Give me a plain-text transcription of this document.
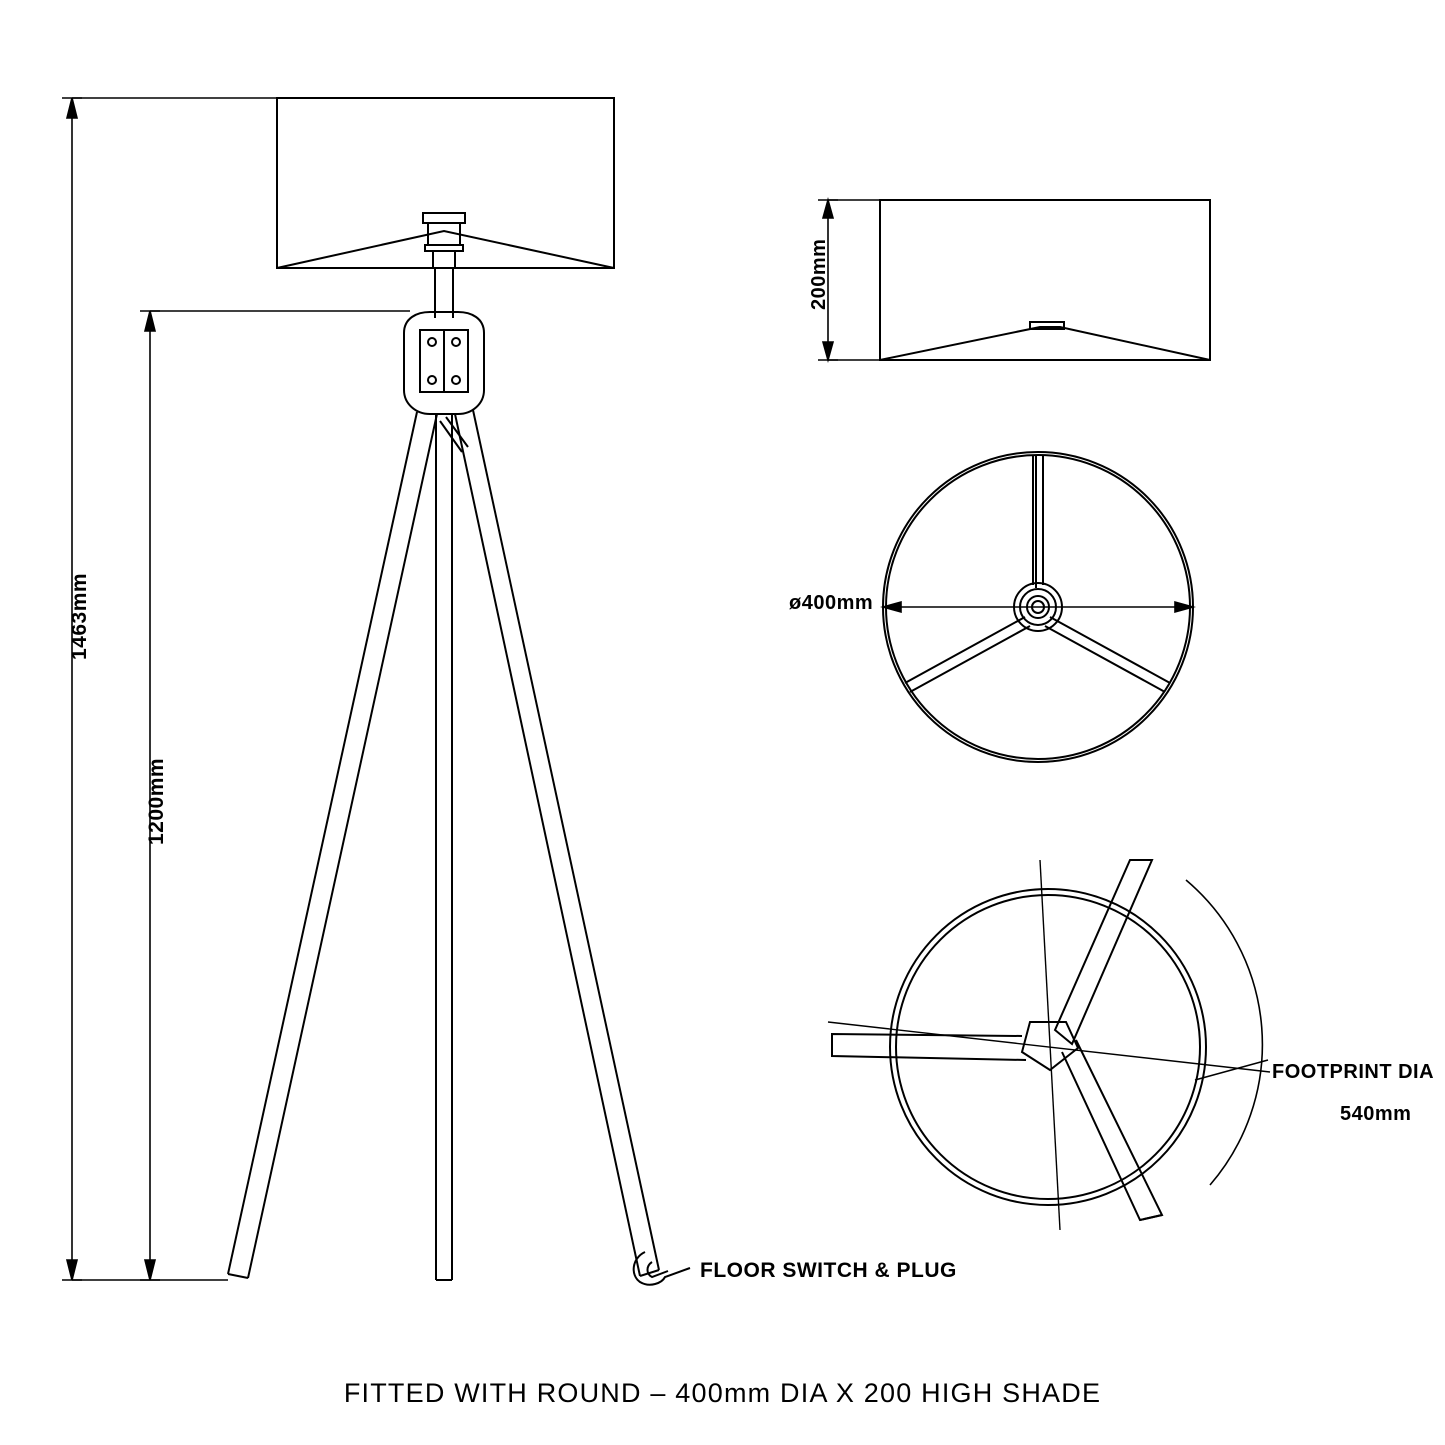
1463mm
1200mm
200mm
ø400mm
FOOTPRINT DIA
540mm
FLOOR SWITCH & PLUG
FITTED WITH ROUND – 400mm DIA X 200 HIGH SHADE
